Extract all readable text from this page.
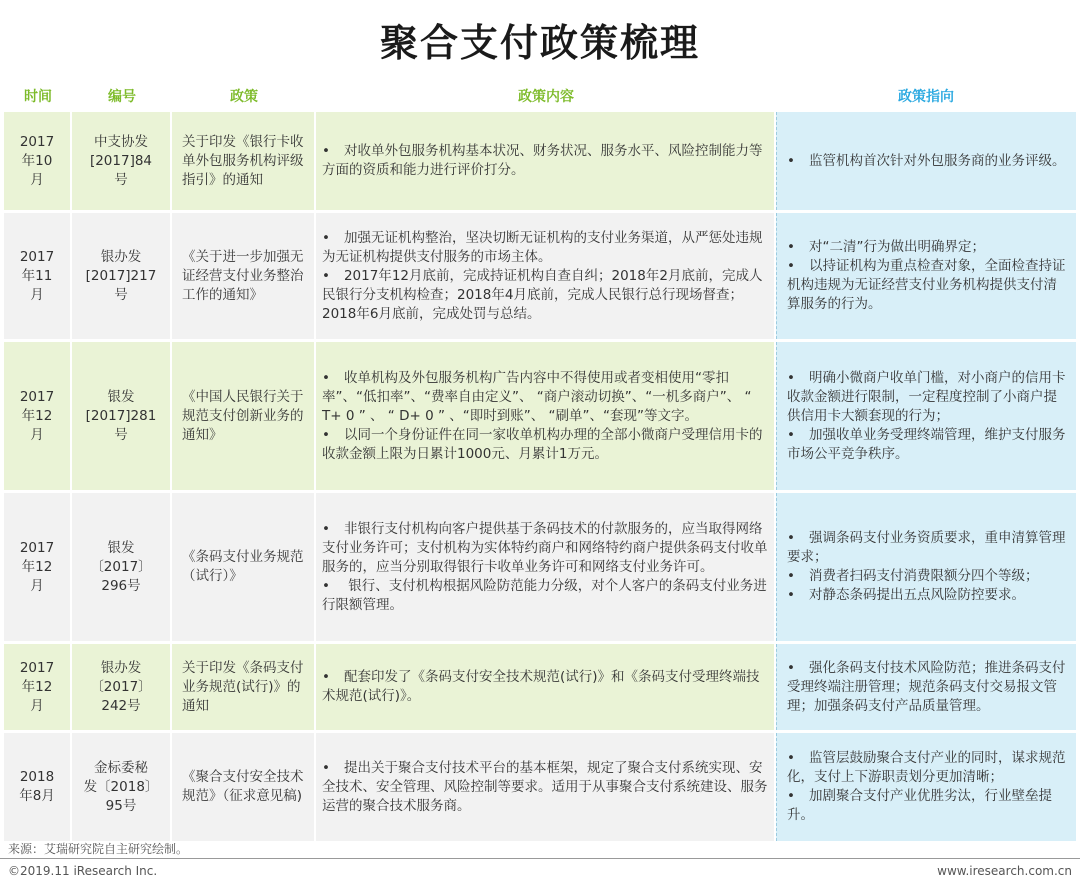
聚合支付政策梳理
时间	编号	政策	政策内容	政策指向
2017
年10
月	中支协发
[2017]84
号	关于印发《银行卡收单外包服务机构评级指引》的通知	• 对收单外包服务机构基本状况、财务状况、服务水平、风险控制能力等方面的资质和能力进行评价打分。	• 监管机构首次针对外包服务商的业务评级。

2017
年11
月	银办发
[2017]217
号	《关于进一步加强无证经营支付业务整治工作的通知》	• 加强无证机构整治，坚决切断无证机构的支付业务渠道，从严惩处违规为无证机构提供支付服务的市场主体。
• 2017年12月底前，完成持证机构自查自纠；2018年2月底前，完成人民银行分支机构检查；2018年4月底前，完成人民银行总行现场督查；2018年6月底前，完成处罚与总结。	• 对“二清”行为做出明确界定；
• 以持证机构为重点检查对象，全面检查持证机构违规为无证经营支付业务机构提供支付清算服务的行为。

2017
年12
月	银发
[2017]281
号	《中国人民银行关于规范支付创新业务的通知》	• 收单机构及外包服务机构广告内容中不得使用或者变相使用“零扣率”、“低扣率”、“费率自由定义”、 “商户滚动切换”、“一机多商户”、 “ T+ 0 ” 、 “ D+ 0 ” 、“即时到账”、 “刷单”、“套现”等文字。
• 以同一个身份证件在同一家收单机构办理的全部小微商户受理信用卡的收款金额上限为日累计1000元、月累计1万元。	• 明确小微商户收单门槛，对小商户的信用卡收款金额进行限制，一定程度控制了小商户提供信用卡大额套现的行为；
• 加强收单业务受理终端管理，维护支付服务市场公平竞争秩序。

2017
年12
月	银发
〔2017〕
296号	《条码支付业务规范（试行）》	• 非银行支付机构向客户提供基于条码技术的付款服务的，应当取得网络支付业务许可；支付机构为实体特约商户和网络特约商户提供条码支付收单服务的，应当分别取得银行卡收单业务许可和网络支付业务许可。
• 银行、支付机构根据风险防范能力分级，对个人客户的条码支付业务进行限额管理。	• 强调条码支付业务资质要求，重申清算管理要求；
• 消费者扫码支付消费限额分四个等级；
• 对静态条码提出五点风险防控要求。

2017
年12
月	银办发
〔2017〕
242号	关于印发《条码支付业务规范(试行)》的通知	• 配套印发了《条码支付安全技术规范(试行)》和《条码支付受理终端技术规范(试行)》。	• 强化条码支付技术风险防范；推进条码支付受理终端注册管理；规范条码支付交易报文管理；加强条码支付产品质量管理。

2018
年8月	金标委秘
发〔2018〕
95号	《聚合支付安全技术规范》（征求意见稿)	• 提出关于聚合支付技术平台的基本框架，规定了聚合支付系统实现、安全技术、安全管理、风险控制等要求。适用于从事聚合支付系统建设、服务运营的聚合技术服务商。	• 监管层鼓励聚合支付产业的同时，谋求规范化，支付上下游职责划分更加清晰；
• 加剧聚合支付产业优胜劣汰，行业壁垒提升。
来源：艾瑞研究院自主研究绘制。
©2019.11 iResearch Inc.	www.iresearch.com.cn
